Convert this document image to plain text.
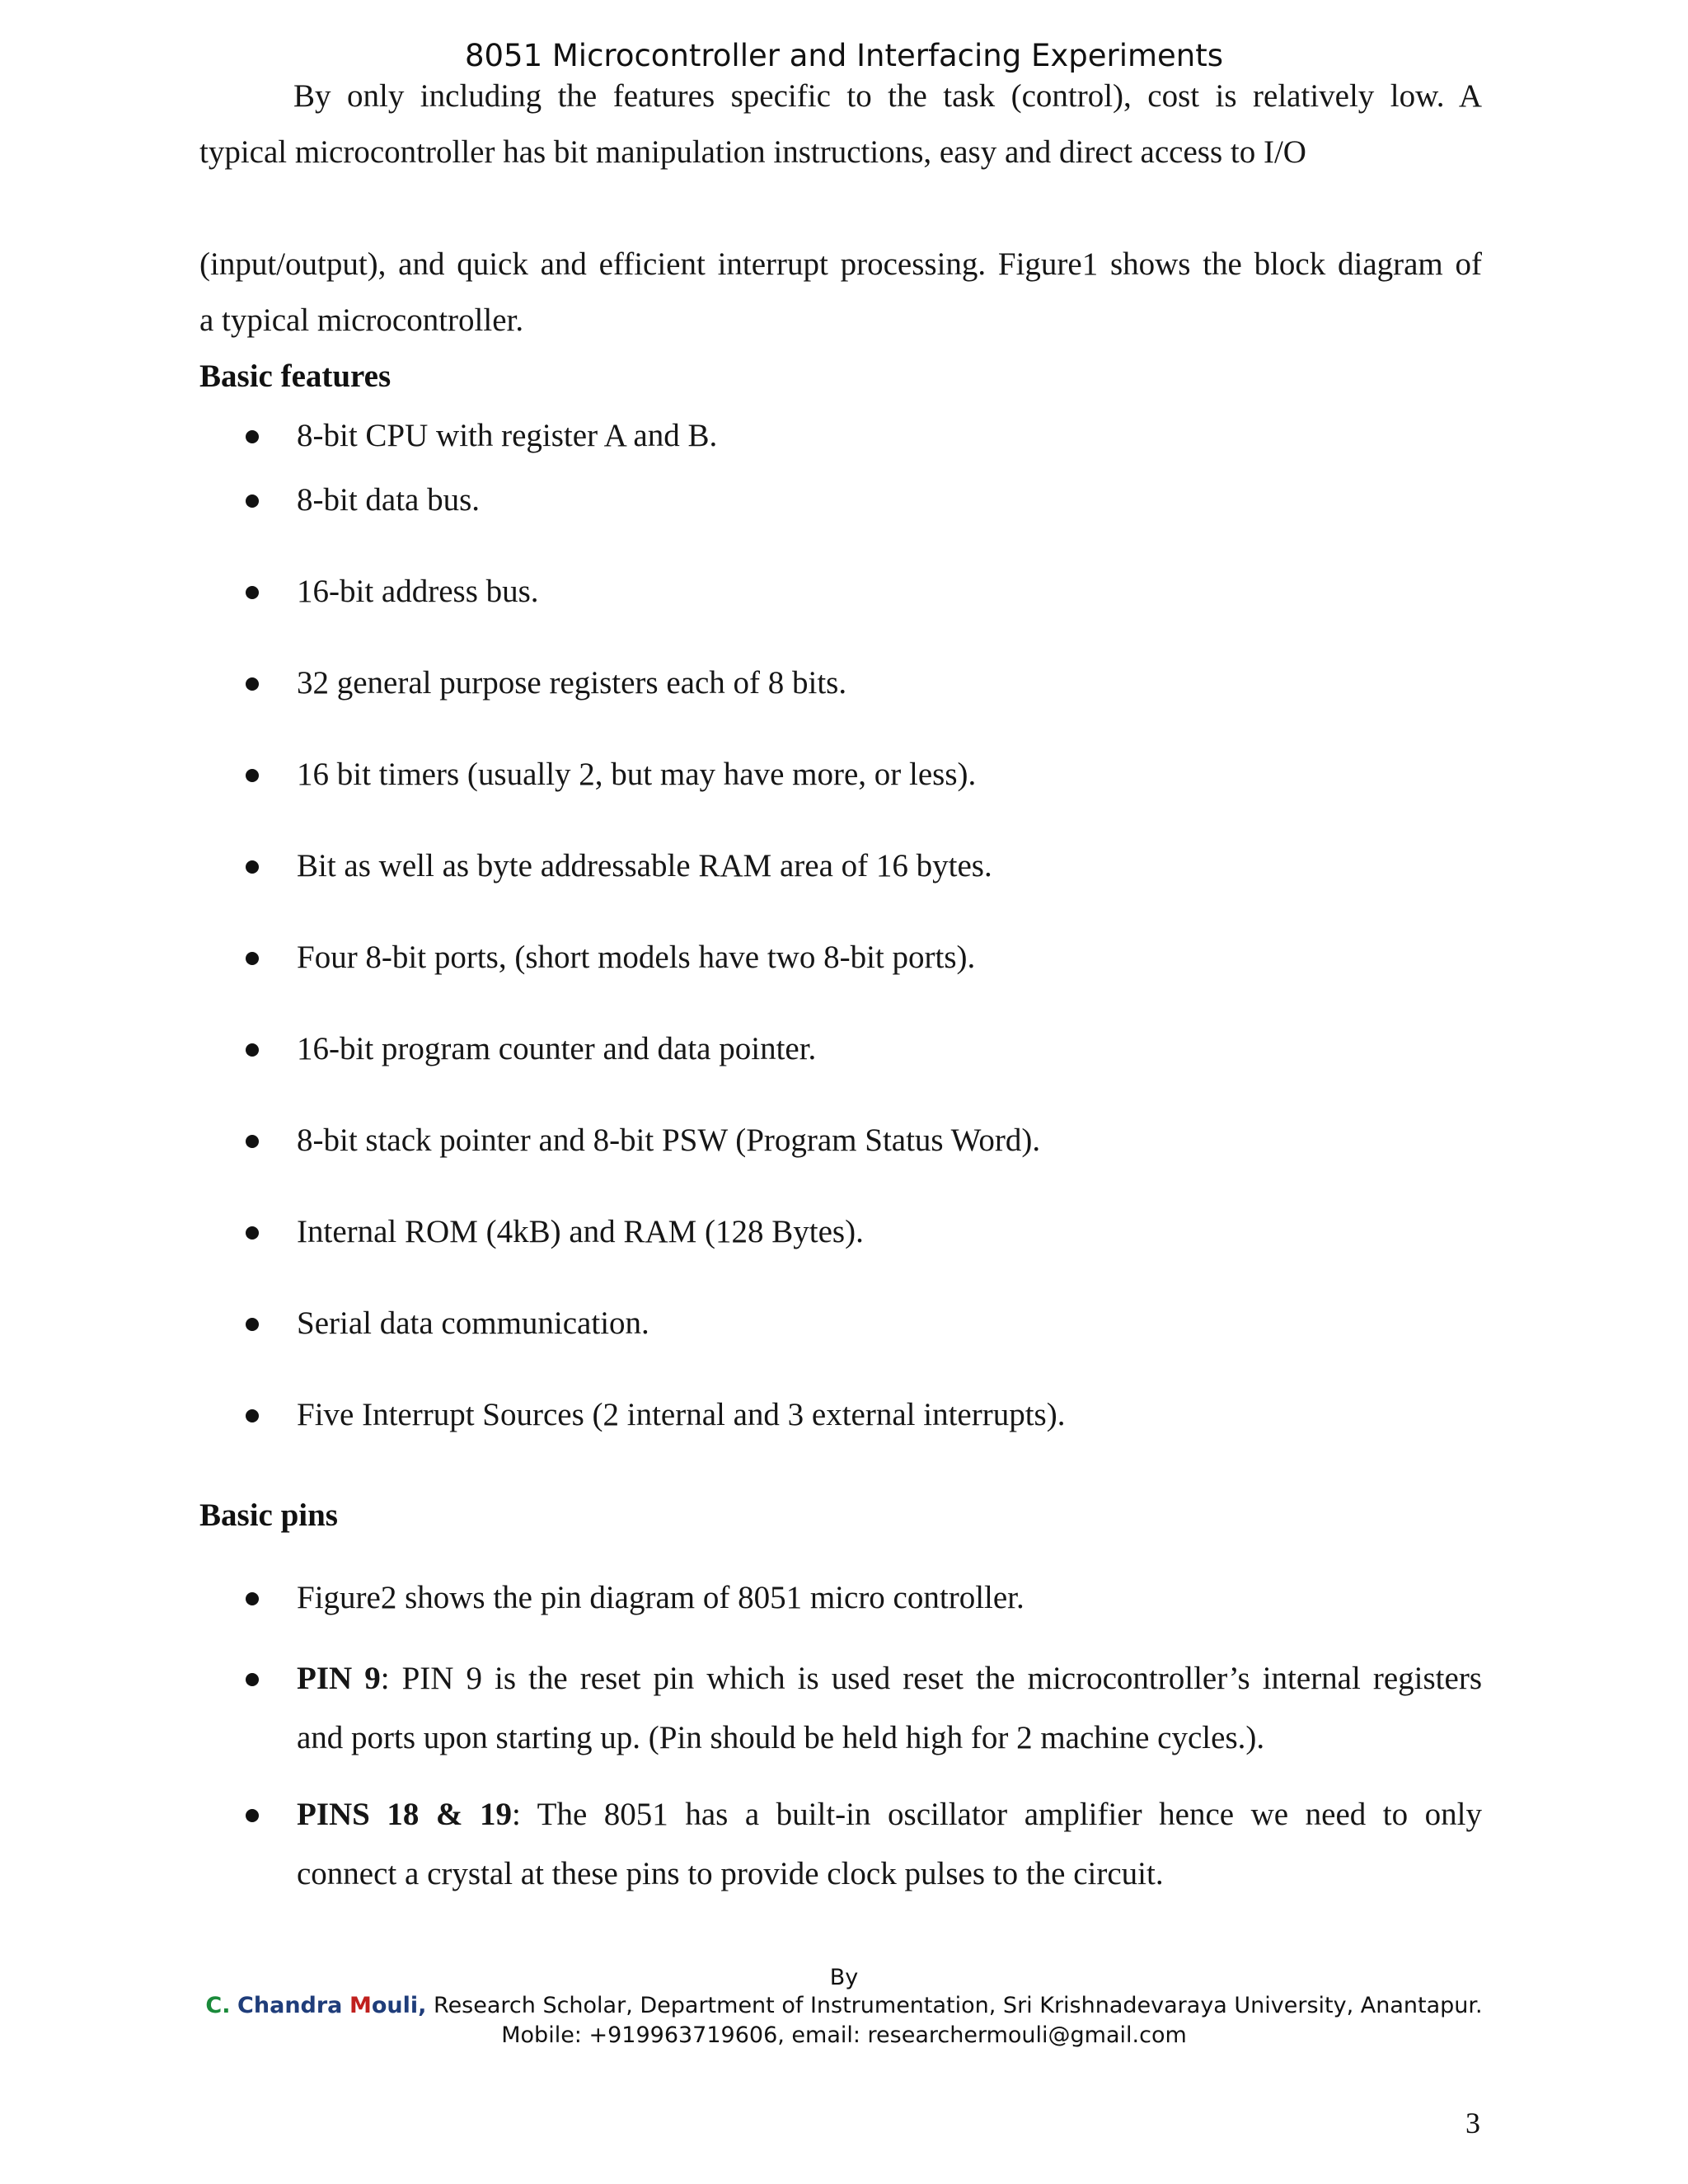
8051 Microcontroller and Interfacing Experiments
By only including the features specific to the task (control), cost is relatively low. A
typical microcontroller has bit manipulation instructions, easy and direct access to I/O
(input/output), and quick and efficient interrupt processing. Figure1 shows the block diagram of
a typical microcontroller.
Basic features
8-bit CPU with register A and B.
8-bit data bus.
16-bit address bus.
32 general purpose registers each of 8 bits.
16 bit timers (usually 2, but may have more, or less).
Bit as well as byte addressable RAM area of 16 bytes.
Four 8-bit ports, (short models have two 8-bit ports).
16-bit program counter and data pointer.
8-bit stack pointer and 8-bit PSW (Program Status Word).
Internal ROM (4kB) and RAM (128 Bytes).
Serial data communication.
Five Interrupt Sources (2 internal and 3 external interrupts).
Basic pins
Figure2 shows the pin diagram of 8051 micro controller.
PIN 9: PIN 9 is the reset pin which is used reset the microcontroller’s internal registers
and ports upon starting up. (Pin should be held high for 2 machine cycles.).
PINS 18 & 19: The 8051 has a built-in oscillator amplifier hence we need to only
connect a crystal at these pins to provide clock pulses to the circuit.
By
C. Chandra Mouli, Research Scholar, Department of Instrumentation, Sri Krishnadevaraya University, Anantapur.
Mobile: +919963719606, email: researchermouli@gmail.com
3
